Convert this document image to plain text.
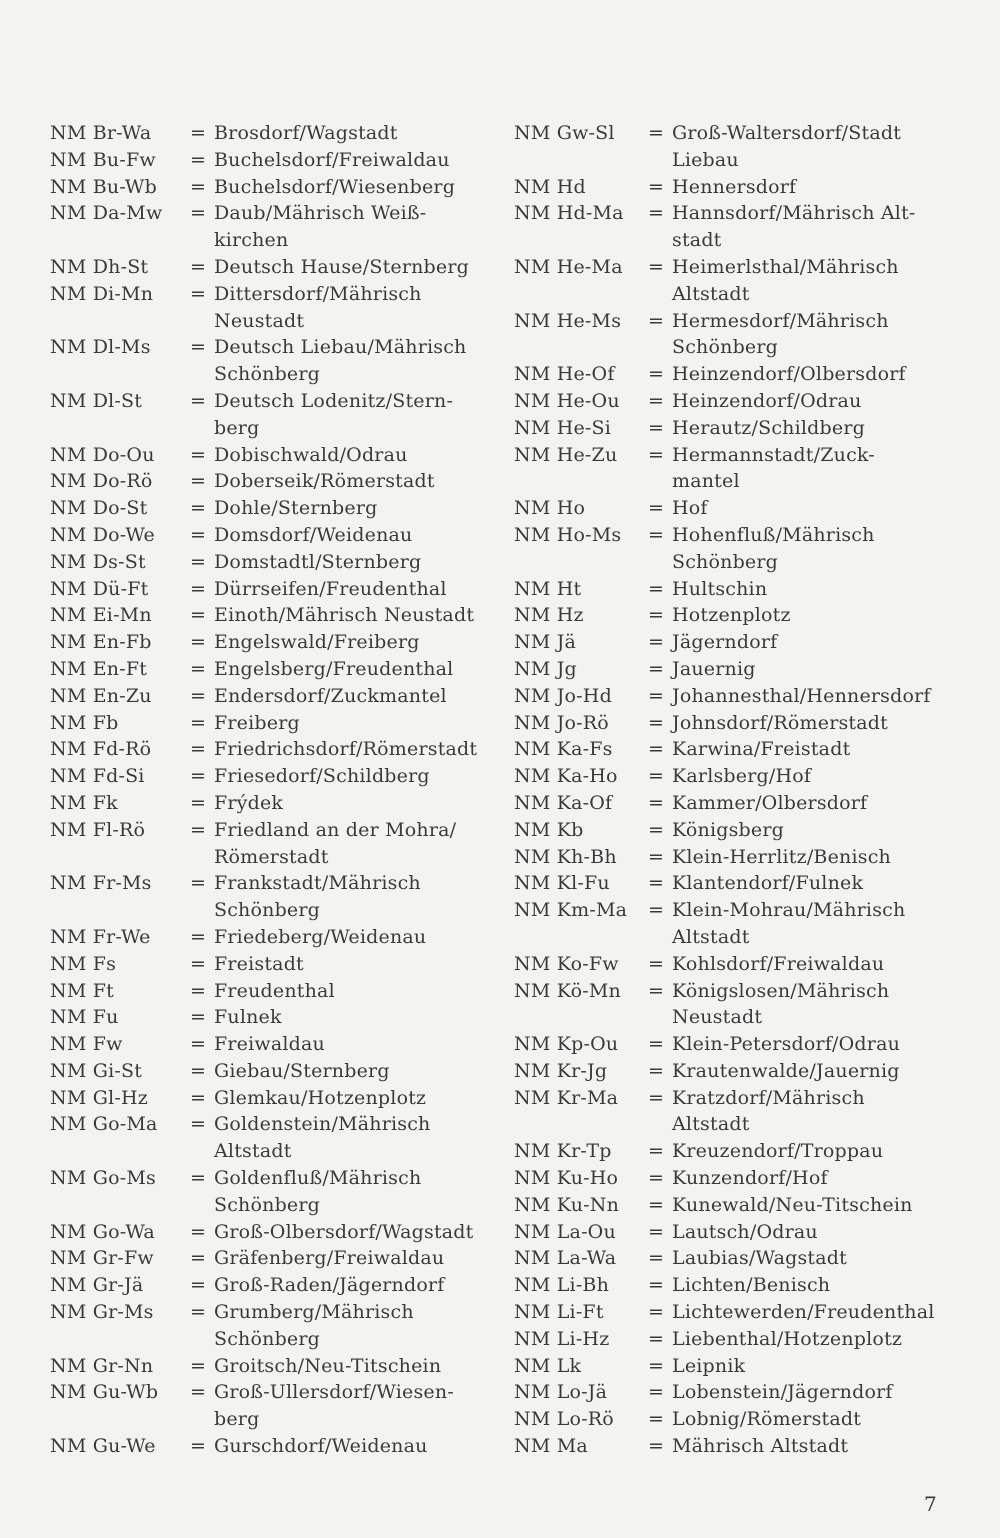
NM Br-Wa	= Brosdorf/Wagstadt
NM Bu-Fw	= Buchelsdorf/Freiwaldau
NM Bu-Wb	= Buchelsdorf/Wiesenberg
NM Da-Mw	= Daub/Mährisch Weiß-
kirchen
NM Dh-St	= Deutsch Hause/Sternberg
NM Di-Mn	= Dittersdorf/Mährisch
Neustadt
NM Dl-Ms	= Deutsch Liebau/Mährisch
Schönberg
NM Dl-St	= Deutsch Lodenitz/Stern-
berg
NM Do-Ou	= Dobischwald/Odrau
NM Do-Rö	= Doberseik/Römerstadt
NM Do-St	= Dohle/Sternberg
NM Do-We	= Domsdorf/Weidenau
NM Ds-St	= Domstadtl/Sternberg
NM Dü-Ft	= Dürrseifen/Freudenthal
NM Ei-Mn	= Einoth/Mährisch Neustadt
NM En-Fb	= Engelswald/Freiberg
NM En-Ft	= Engelsberg/Freudenthal
NM En-Zu	= Endersdorf/Zuckmantel
NM Fb	= Freiberg
NM Fd-Rö	= Friedrichsdorf/Römerstadt
NM Fd-Si	= Friesedorf/Schildberg
NM Fk	= Frýdek
NM Fl-Rö	= Friedland an der Mohra/
Römerstadt
NM Fr-Ms	= Frankstadt/Mährisch
Schönberg
NM Fr-We	= Friedeberg/Weidenau
NM Fs	= Freistadt
NM Ft	= Freudenthal
NM Fu	= Fulnek
NM Fw	= Freiwaldau
NM Gi-St	= Giebau/Sternberg
NM Gl-Hz	= Glemkau/Hotzenplotz
NM Go-Ma	= Goldenstein/Mährisch
Altstadt
NM Go-Ms	= Goldenfluß/Mährisch
Schönberg
NM Go-Wa	= Groß-Olbersdorf/Wagstadt
NM Gr-Fw	= Gräfenberg/Freiwaldau
NM Gr-Jä	= Groß-Raden/Jägerndorf
NM Gr-Ms	= Grumberg/Mährisch
Schönberg
NM Gr-Nn	= Groitsch/Neu-Titschein
NM Gu-Wb	= Groß-Ullersdorf/Wiesen-
berg
NM Gu-We	= Gurschdorf/Weidenau
NM Gw-Sl	= Groß-Waltersdorf/Stadt
Liebau
NM Hd	= Hennersdorf
NM Hd-Ma	= Hannsdorf/Mährisch Alt-
stadt
NM He-Ma	= Heimerlsthal/Mährisch
Altstadt
NM He-Ms	= Hermesdorf/Mährisch
Schönberg
NM He-Of	= Heinzendorf/Olbersdorf
NM He-Ou	= Heinzendorf/Odrau
NM He-Si	= Herautz/Schildberg
NM He-Zu	= Hermannstadt/Zuck-
mantel
NM Ho	= Hof
NM Ho-Ms	= Hohenfluß/Mährisch
Schönberg
NM Ht	= Hultschin
NM Hz	= Hotzenplotz
NM Jä	= Jägerndorf
NM Jg	= Jauernig
NM Jo-Hd	= Johannesthal/Hennersdorf
NM Jo-Rö	= Johnsdorf/Römerstadt
NM Ka-Fs	= Karwina/Freistadt
NM Ka-Ho	= Karlsberg/Hof
NM Ka-Of	= Kammer/Olbersdorf
NM Kb	= Königsberg
NM Kh-Bh	= Klein-Herrlitz/Benisch
NM Kl-Fu	= Klantendorf/Fulnek
NM Km-Ma	= Klein-Mohrau/Mährisch
Altstadt
NM Ko-Fw	= Kohlsdorf/Freiwaldau
NM Kö-Mn	= Königslosen/Mährisch
Neustadt
NM Kp-Ou	= Klein-Petersdorf/Odrau
NM Kr-Jg	= Krautenwalde/Jauernig
NM Kr-Ma	= Kratzdorf/Mährisch
Altstadt
NM Kr-Tp	= Kreuzendorf/Troppau
NM Ku-Ho	= Kunzendorf/Hof
NM Ku-Nn	= Kunewald/Neu-Titschein
NM La-Ou	= Lautsch/Odrau
NM La-Wa	= Laubias/Wagstadt
NM Li-Bh	= Lichten/Benisch
NM Li-Ft	= Lichtewerden/Freudenthal
NM Li-Hz	= Liebenthal/Hotzenplotz
NM Lk	= Leipnik
NM Lo-Jä	= Lobenstein/Jägerndorf
NM Lo-Rö	= Lobnig/Römerstadt
NM Ma	= Mährisch Altstadt
7
